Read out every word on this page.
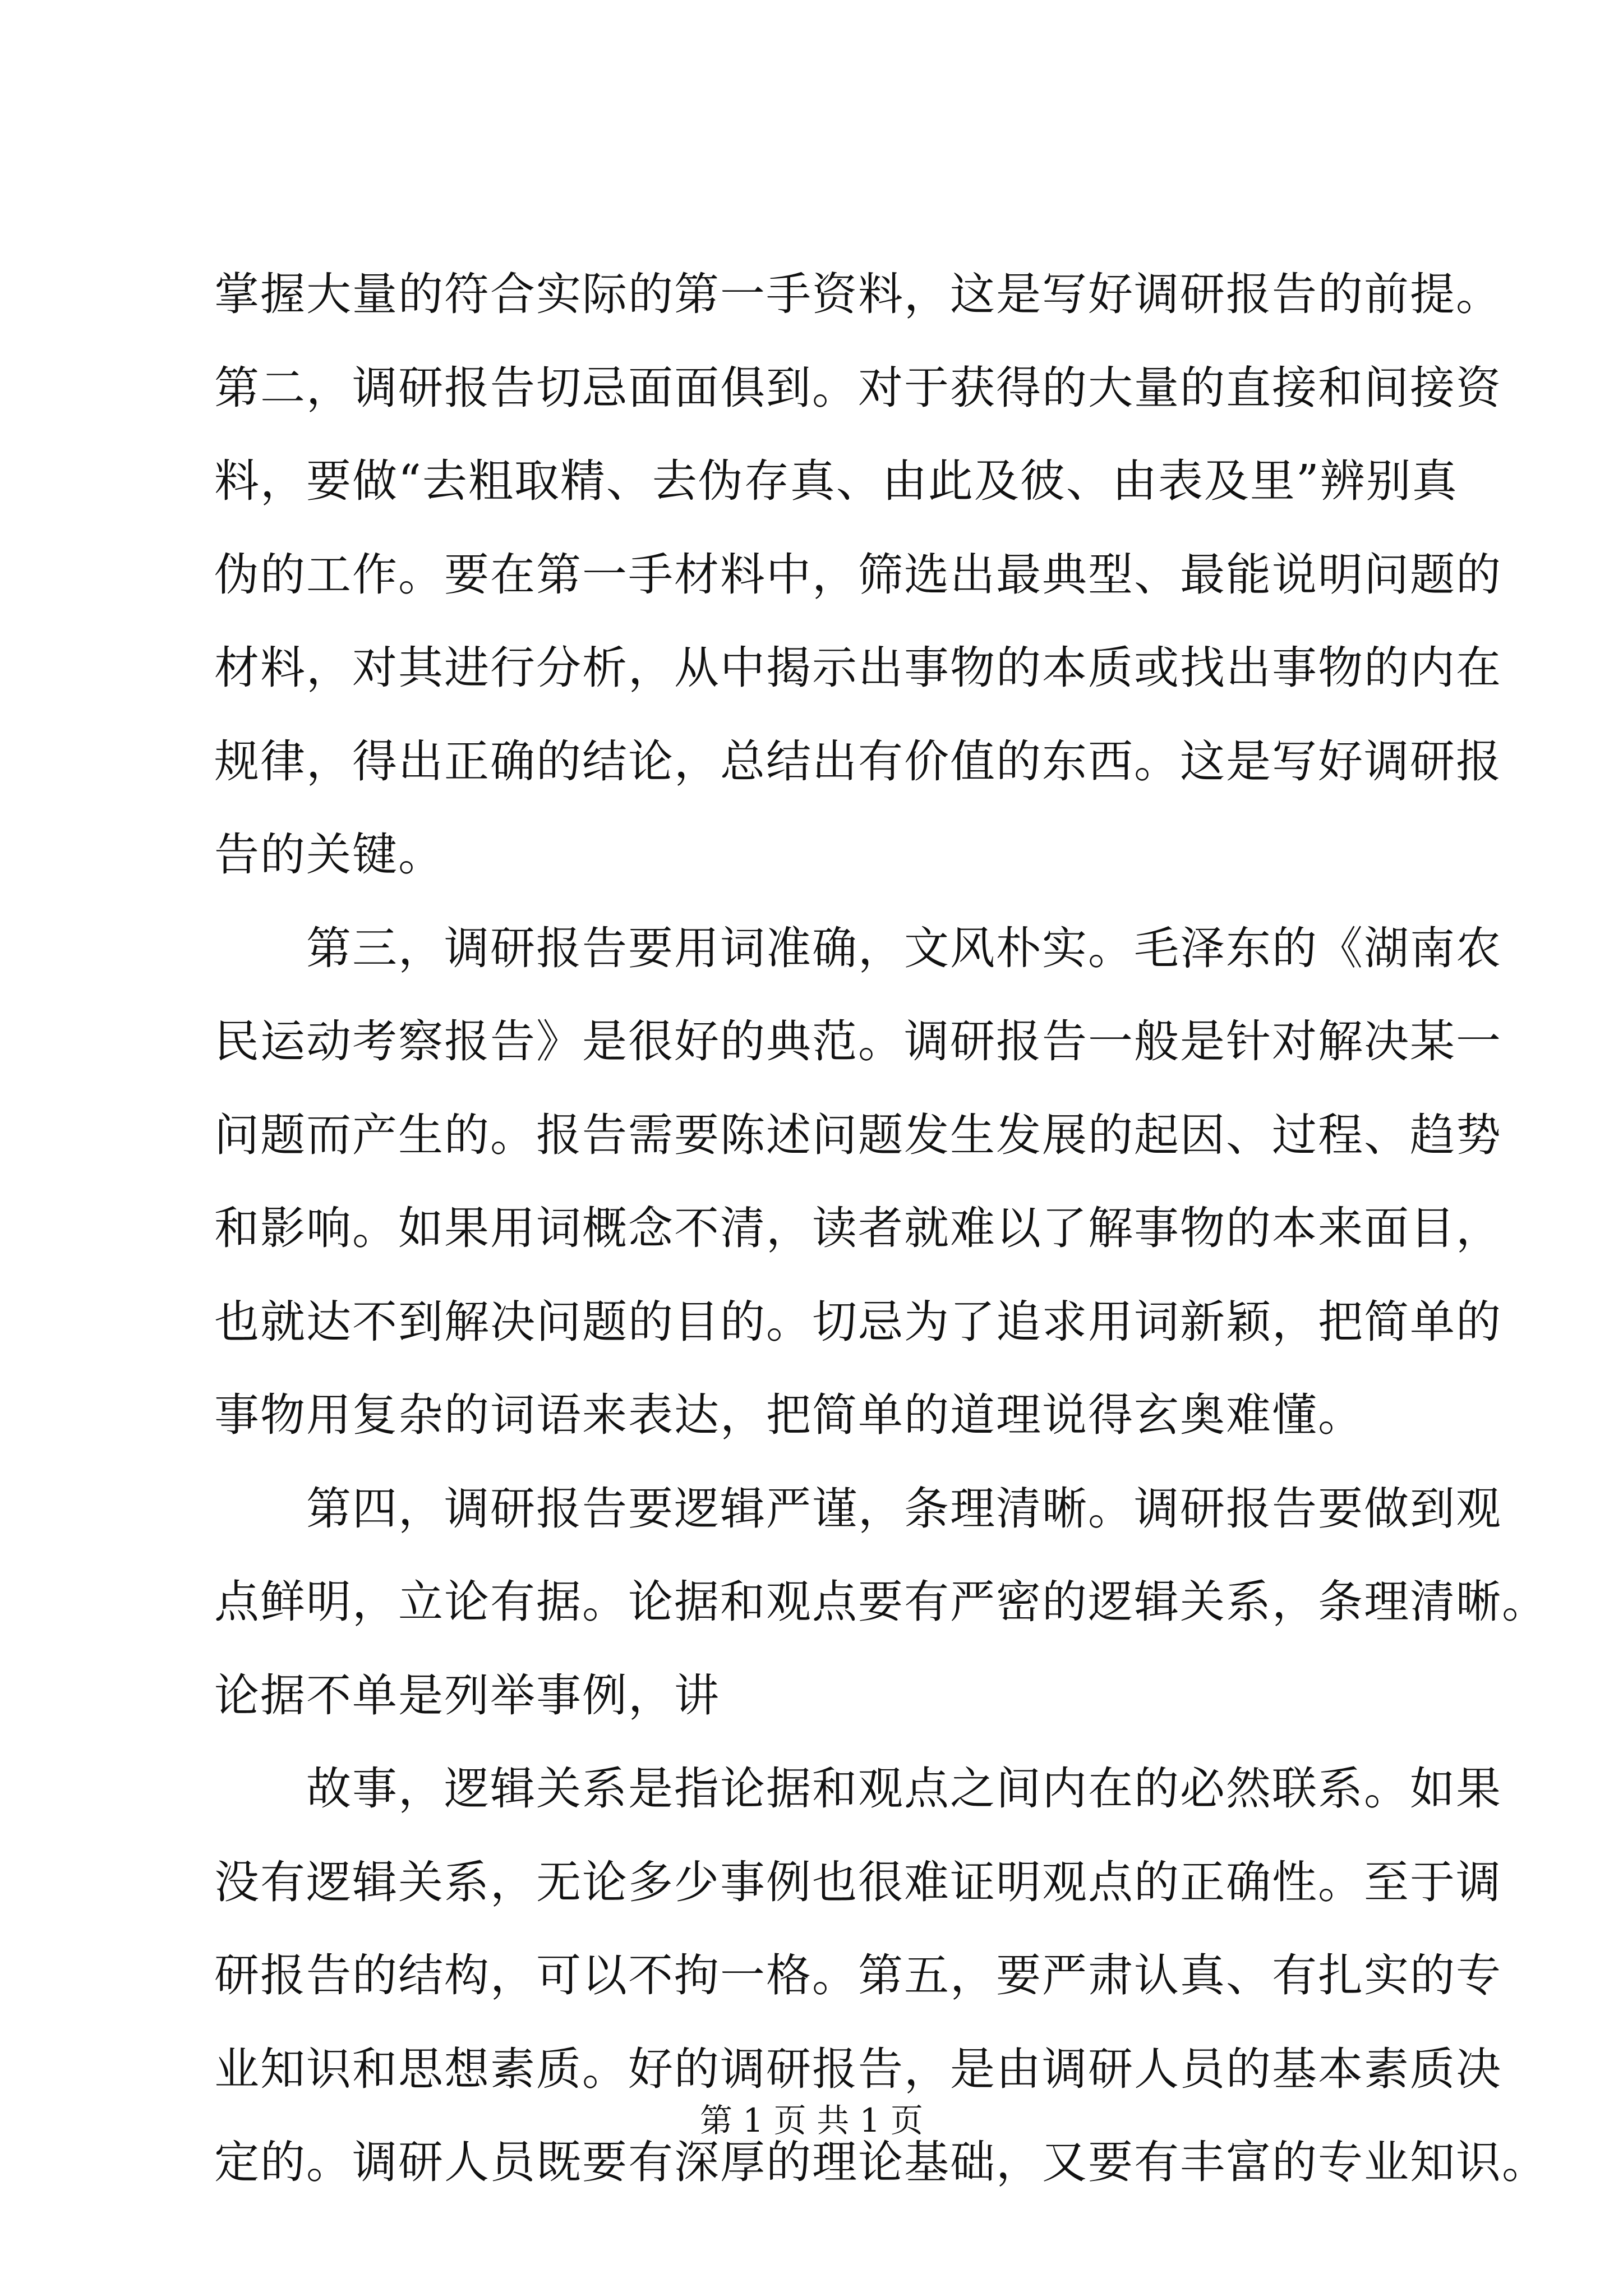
掌握大量的符合实际的第一手资料，这是写好调研报告的前提。
第二，调研报告切忌面面俱到。对于获得的大量的直接和间接资
料，要做“去粗取精、去伪存真、由此及彼、由表及里”辨别真
伪的工作。要在第一手材料中，筛选出最典型、最能说明问题的
材料，对其进行分析，从中揭示出事物的本质或找出事物的内在
规律，得出正确的结论，总结出有价值的东西。这是写好调研报
告的关键。
第三，调研报告要用词准确，文风朴实。毛泽东的《湖南农
民运动考察报告》是很好的典范。调研报告一般是针对解决某一
问题而产生的。报告需要陈述问题发生发展的起因、过程、趋势
和影响。如果用词概念不清，读者就难以了解事物的本来面目，
也就达不到解决问题的目的。切忌为了追求用词新颖，把简单的
事物用复杂的词语来表达，把简单的道理说得玄奥难懂。
第四，调研报告要逻辑严谨，条理清晰。调研报告要做到观
点鲜明，立论有据。论据和观点要有严密的逻辑关系，条理清晰。
论据不单是列举事例，讲
故事，逻辑关系是指论据和观点之间内在的必然联系。如果
没有逻辑关系，无论多少事例也很难证明观点的正确性。至于调
研报告的结构，可以不拘一格。第五，要严肃认真、有扎实的专
业知识和思想素质。好的调研报告，是由调研人员的基本素质决
定的。调研人员既要有深厚的理论基础，又要有丰富的专业知识。
第 1 页 共 1 页
